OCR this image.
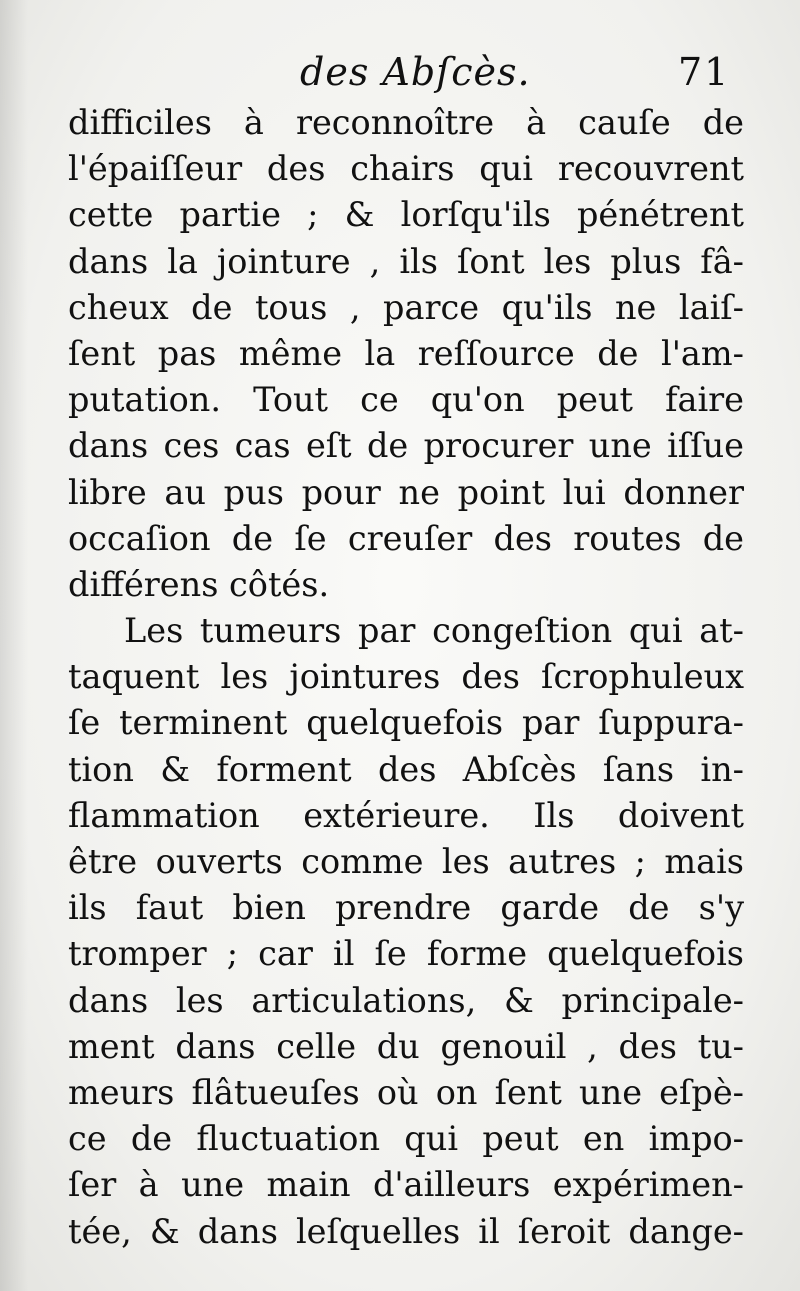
des Abſcès.	71
difficiles à reconnoître à cauſe de
l'épaiſſeur des chairs qui recouvrent
cette partie ; & lorſqu'ils pénétrent
dans la jointure , ils ſont les plus fâ-
cheux de tous , parce qu'ils ne laiſ-
ſent pas même la reſſource de l'am-
putation. Tout ce qu'on peut faire
dans ces cas eſt de procurer une iſſue
libre au pus pour ne point lui donner
occaſion de ſe creuſer des routes de
différens côtés.
Les tumeurs par congeſtion qui at-
taquent les jointures des ſcrophuleux
ſe terminent quelquefois par ſuppura-
tion & forment des Abſcès ſans in-
flammation extérieure. Ils doivent
être ouverts comme les autres ; mais
ils faut bien prendre garde de s'y
tromper ; car il ſe forme quelquefois
dans les articulations, & principale-
ment dans celle du genouil , des tu-
meurs flâtueuſes où on ſent une eſpè-
ce de fluctuation qui peut en impo-
ſer à une main d'ailleurs expérimen-
tée, & dans leſquelles il ſeroit dange-
